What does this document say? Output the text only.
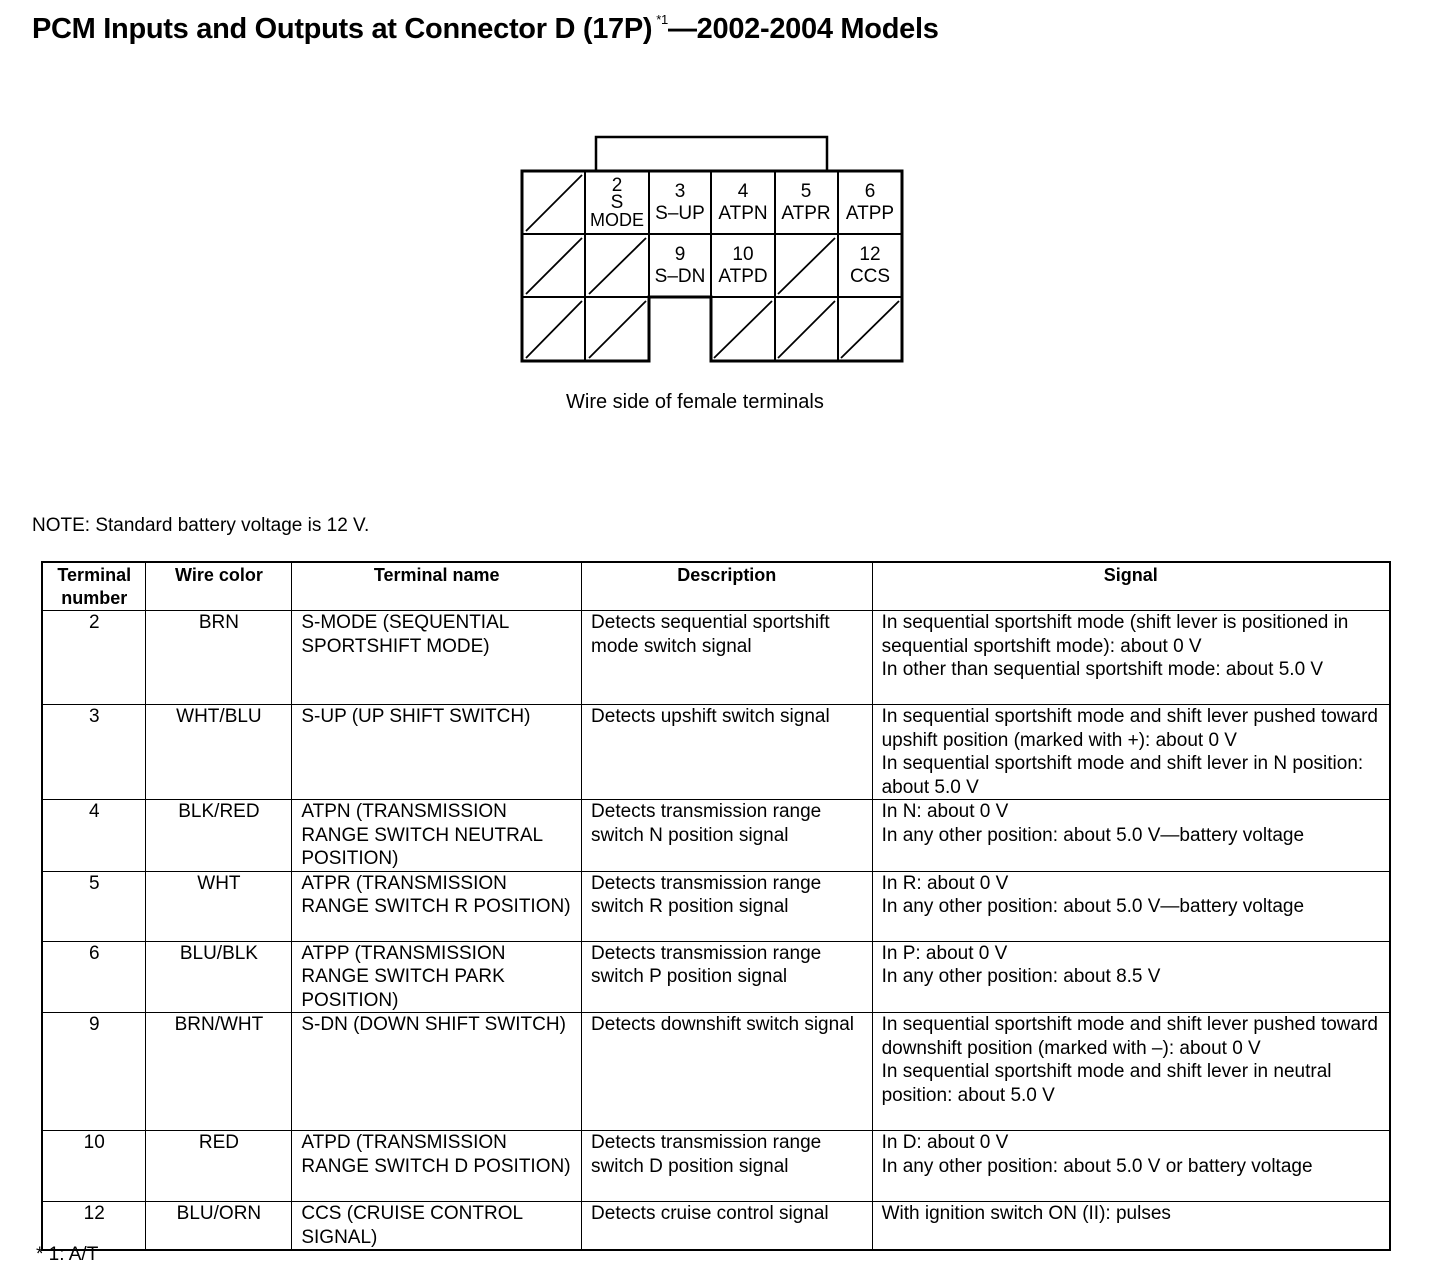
PCM Inputs and Outputs at Connector D (17P) $^{*1}$—2002-2004 Models
2
S
MODE
3
S–UP
4
ATPN
5
ATPR
6
ATPP
9
S–DN
10
ATPD
12
CCS
Wire side of female terminals
NOTE: Standard battery voltage is 12 V.
Terminal number	Wire color	Terminal name	Description	Signal
2	BRN	S-MODE (SEQUENTIAL SPORTSHIFT MODE)	Detects sequential sportshift mode switch signal	In sequential sportshift mode (shift lever is positioned in sequential sportshift mode): about 0 V
In other than sequential sportshift mode: about 5.0 V

3	WHT/BLU	S-UP (UP SHIFT SWITCH)	Detects upshift switch signal	In sequential sportshift mode and shift lever pushed toward upshift position (marked with +): about 0 V
In sequential sportshift mode and shift lever in N position: about 5.0 V

4	BLK/RED	ATPN (TRANSMISSION RANGE SWITCH NEUTRAL POSITION)	Detects transmission range switch N position signal	In N: about 0 V
In any other position: about 5.0 V—battery voltage

5	WHT	ATPR (TRANSMISSION RANGE SWITCH R POSITION)	Detects transmission range switch R position signal	In R: about 0 V
In any other position: about 5.0 V—battery voltage

6	BLU/BLK	ATPP (TRANSMISSION RANGE SWITCH PARK POSITION)	Detects transmission range switch P position signal	In P: about 0 V
In any other position: about 8.5 V

9	BRN/WHT	S-DN (DOWN SHIFT SWITCH)	Detects downshift switch signal	In sequential sportshift mode and shift lever pushed toward downshift position (marked with –): about 0 V
In sequential sportshift mode and shift lever in neutral position: about 5.0 V

10	RED	ATPD (TRANSMISSION RANGE SWITCH D POSITION)	Detects transmission range switch D position signal	In D: about 0 V
In any other position: about 5.0 V or battery voltage

12	BLU/ORN	CCS (CRUISE CONTROL SIGNAL)	Detects cruise control signal	With ignition switch ON (II): pulses
* 1: A/T
